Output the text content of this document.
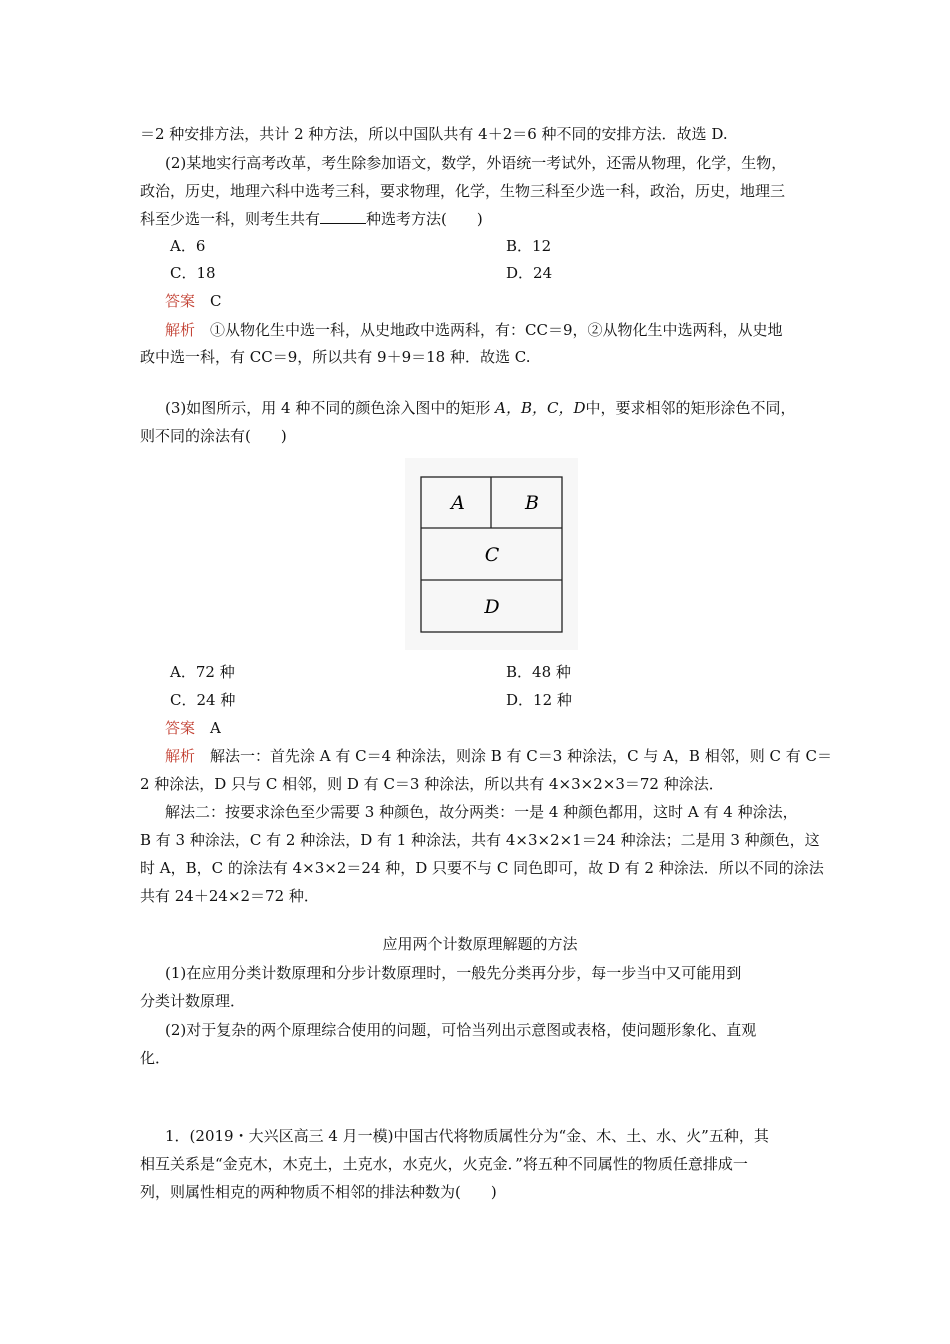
＝2 种安排方法，共计 2 种方法，所以中国队共有 4＋2＝6 种不同的安排方法．故选 D.
(2)某地实行高考改革，考生除参加语文，数学，外语统一考试外，还需从物理，化学，生物，
政治，历史，地理六科中选考三科，要求物理，化学，生物三科至少选一科，政治，历史，地理三
科至少选一科，则考生共有	种选考方法(　　)
A．6	B．12
C．18	D．24
答案　 C
解析　 ①从物化生中选一科，从史地政中选两科，有：CC＝9，②从物化生中选两科，从史地
政中选一科，有 CC＝9，所以共有 9＋9＝18 种．故选 C.
(3)如图所示，用 4 种不同的颜色涂入图中的矩形 A，B，C，D中，要求相邻的矩形涂色不同，
则不同的涂法有(　　)
A	B
C
D
A．72 种	B．48 种
C．24 种	D．12 种
答案　 A
解析　 解法一：首先涂 A 有 C＝4 种涂法，则涂 B 有 C＝3 种涂法，C 与 A，B 相邻，则 C 有 C＝
2 种涂法，D 只与 C 相邻，则 D 有 C＝3 种涂法，所以共有 4×3×2×3＝72 种涂法．
解法二：按要求涂色至少需要 3 种颜色，故分两类：一是 4 种颜色都用，这时 A 有 4 种涂法，
B 有 3 种涂法，C 有 2 种涂法，D 有 1 种涂法，共有 4×3×2×1＝24 种涂法；二是用 3 种颜色，这
时 A，B，C 的涂法有 4×3×2＝24 种，D 只要不与 C 同色即可，故 D 有 2 种涂法．所以不同的涂法
共有 24＋24×2＝72 种．
应用两个计数原理解题的方法
(1)在应用分类计数原理和分步计数原理时，一般先分类再分步，每一步当中又可能用到
分类计数原理．
(2)对于复杂的两个原理综合使用的问题，可恰当列出示意图或表格，使问题形象化、直观
化．
1．(2019・大兴区高三 4 月一模)中国古代将物质属性分为“金、木、土、水、火”五种，其
相互关系是“金克木，木克土，土克水，水克火，火克金．”将五种不同属性的物质任意排成一
列，则属性相克的两种物质不相邻的排法种数为(　　)
